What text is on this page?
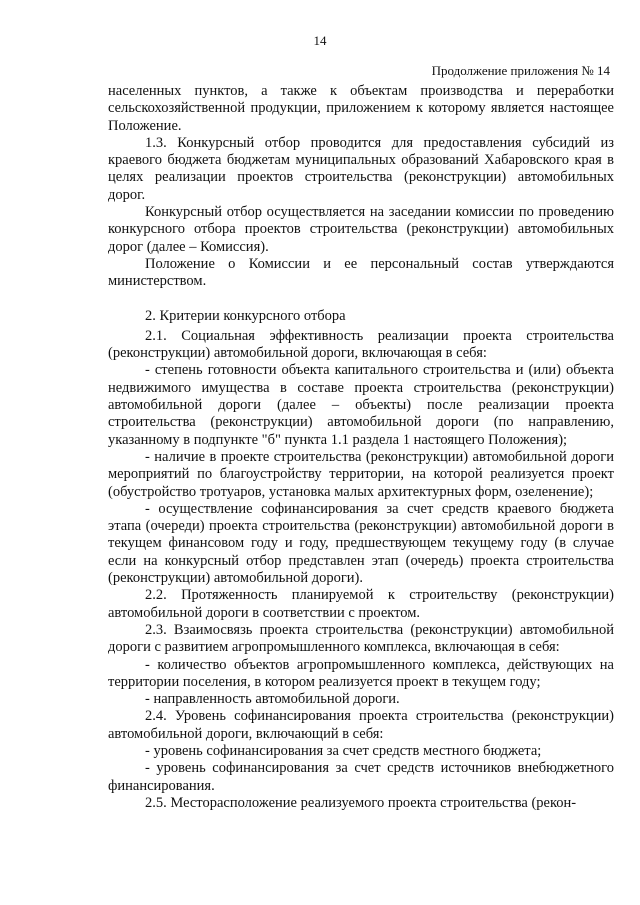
14
Продолжение приложения № 14

населенных пунктов, а также к объектам производства и переработки сельскохозяйственной продукции, приложением к которому является настоящее Положение.

1.3. Конкурсный отбор проводится для предоставления субсидий из краевого бюджета бюджетам муниципальных образований Хабаровского края в целях реализации проектов строительства (реконструкции) автомобильных дорог.

Конкурсный отбор осуществляется на заседании комиссии по проведению конкурсного отбора проектов строительства (реконструкции) автомобильных дорог (далее – Комиссия).

Положение о Комиссии и ее персональный состав утверждаются министерством.

2. Критерии конкурсного отбора

2.1. Социальная эффективность реализации проекта строительства (реконструкции) автомобильной дороги, включающая в себя:

- степень готовности объекта капитального строительства и (или) объекта недвижимого имущества в составе проекта строительства (реконструкции) автомобильной дороги (далее – объекты) после реализации проекта строительства (реконструкции) автомобильной дороги (по направлению, указанному в подпункте "б" пункта 1.1 раздела 1 настоящего Положения);

- наличие в проекте строительства (реконструкции) автомобильной дороги мероприятий по благоустройству территории, на которой реализуется проект (обустройство тротуаров, установка малых архитектурных форм, озеленение);

- осуществление софинансирования за счет средств краевого бюджета этапа (очереди) проекта строительства (реконструкции) автомобильной дороги в текущем финансовом году и году, предшествующем текущему году (в случае если на конкурсный отбор представлен этап (очередь) проекта строительства (реконструкции) автомобильной дороги).

2.2. Протяженность планируемой к строительству (реконструкции) автомобильной дороги в соответствии с проектом.

2.3. Взаимосвязь проекта строительства (реконструкции) автомобильной дороги с развитием агропромышленного комплекса, включающая в себя:

- количество объектов агропромышленного комплекса, действующих на территории поселения, в котором реализуется проект в текущем году;

- направленность автомобильной дороги.

2.4. Уровень софинансирования проекта строительства (реконструкции) автомобильной дороги, включающий в себя:

- уровень софинансирования за счет средств местного бюджета;

- уровень софинансирования за счет средств источников внебюджетного финансирования.

2.5. Месторасположение реализуемого проекта строительства (рекон-
